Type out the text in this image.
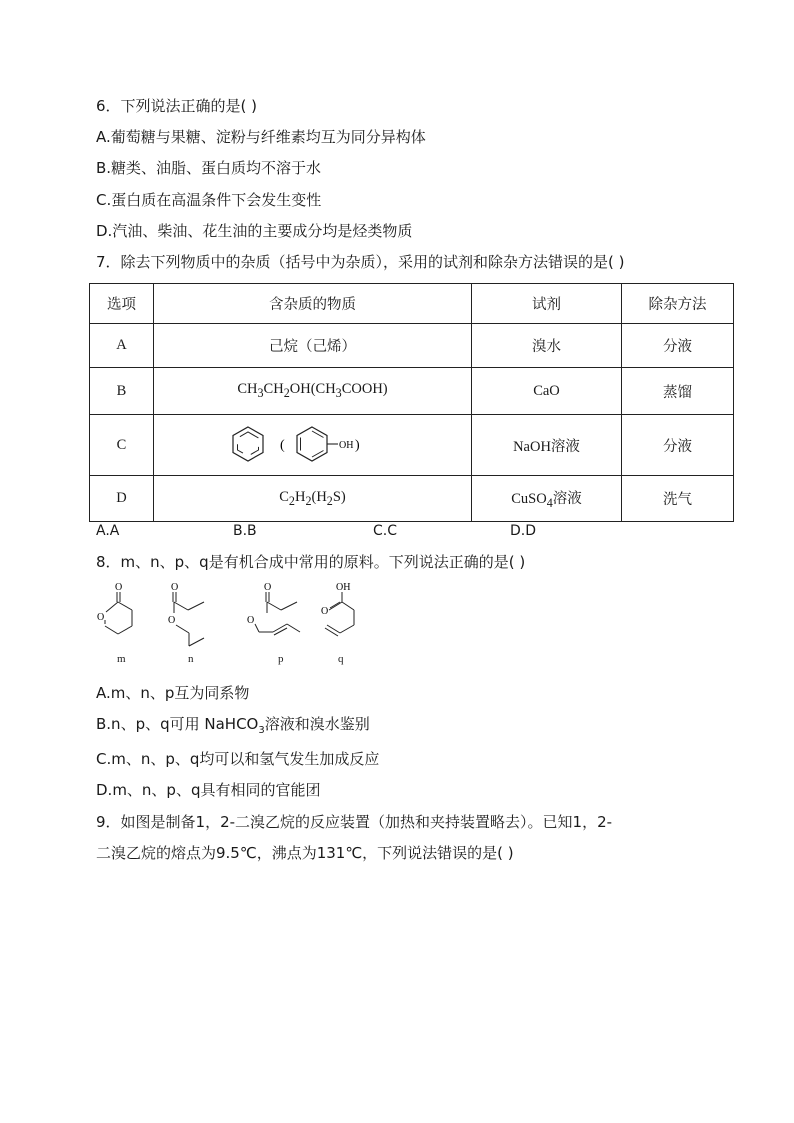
6．下列说法正确的是( )
A.葡萄糖与果糖、淀粉与纤维素均互为同分异构体
B.糖类、油脂、蛋白质均不溶于水
C.蛋白质在高温条件下会发生变性
D.汽油、柴油、花生油的主要成分均是烃类物质
7．除去下列物质中的杂质（括号中为杂质），采用的试剂和除杂方法错误的是( )
选项	含杂质的物质	试剂	除杂方法
A	己烷（己烯）	溴水	分液
B	$CH_3CH_2OH(CH_3COOH)$	CaO	蒸馏
C	( OH )	NaOH溶液	分液
D	$C_2H_2(H_2S)$	CuSO$_4$溶液	洗气
A.A	B.B	C.C	D.D
8．m、n、p、q是有机合成中常用的原料。下列说法正确的是( )
O
O
m
O
O
n
O
O
p
OH
O
q
A.m、n、p互为同系物
B.n、p、q可用 NaHCO$_3$溶液和溴水鉴别
C.m、n、p、q均可以和氢气发生加成反应
D.m、n、p、q具有相同的官能团
9．如图是制备1，2-二溴乙烷的反应装置（加热和夹持装置略去）。已知1，2-
二溴乙烷的熔点为9.5℃，沸点为131℃，下列说法错误的是( )
